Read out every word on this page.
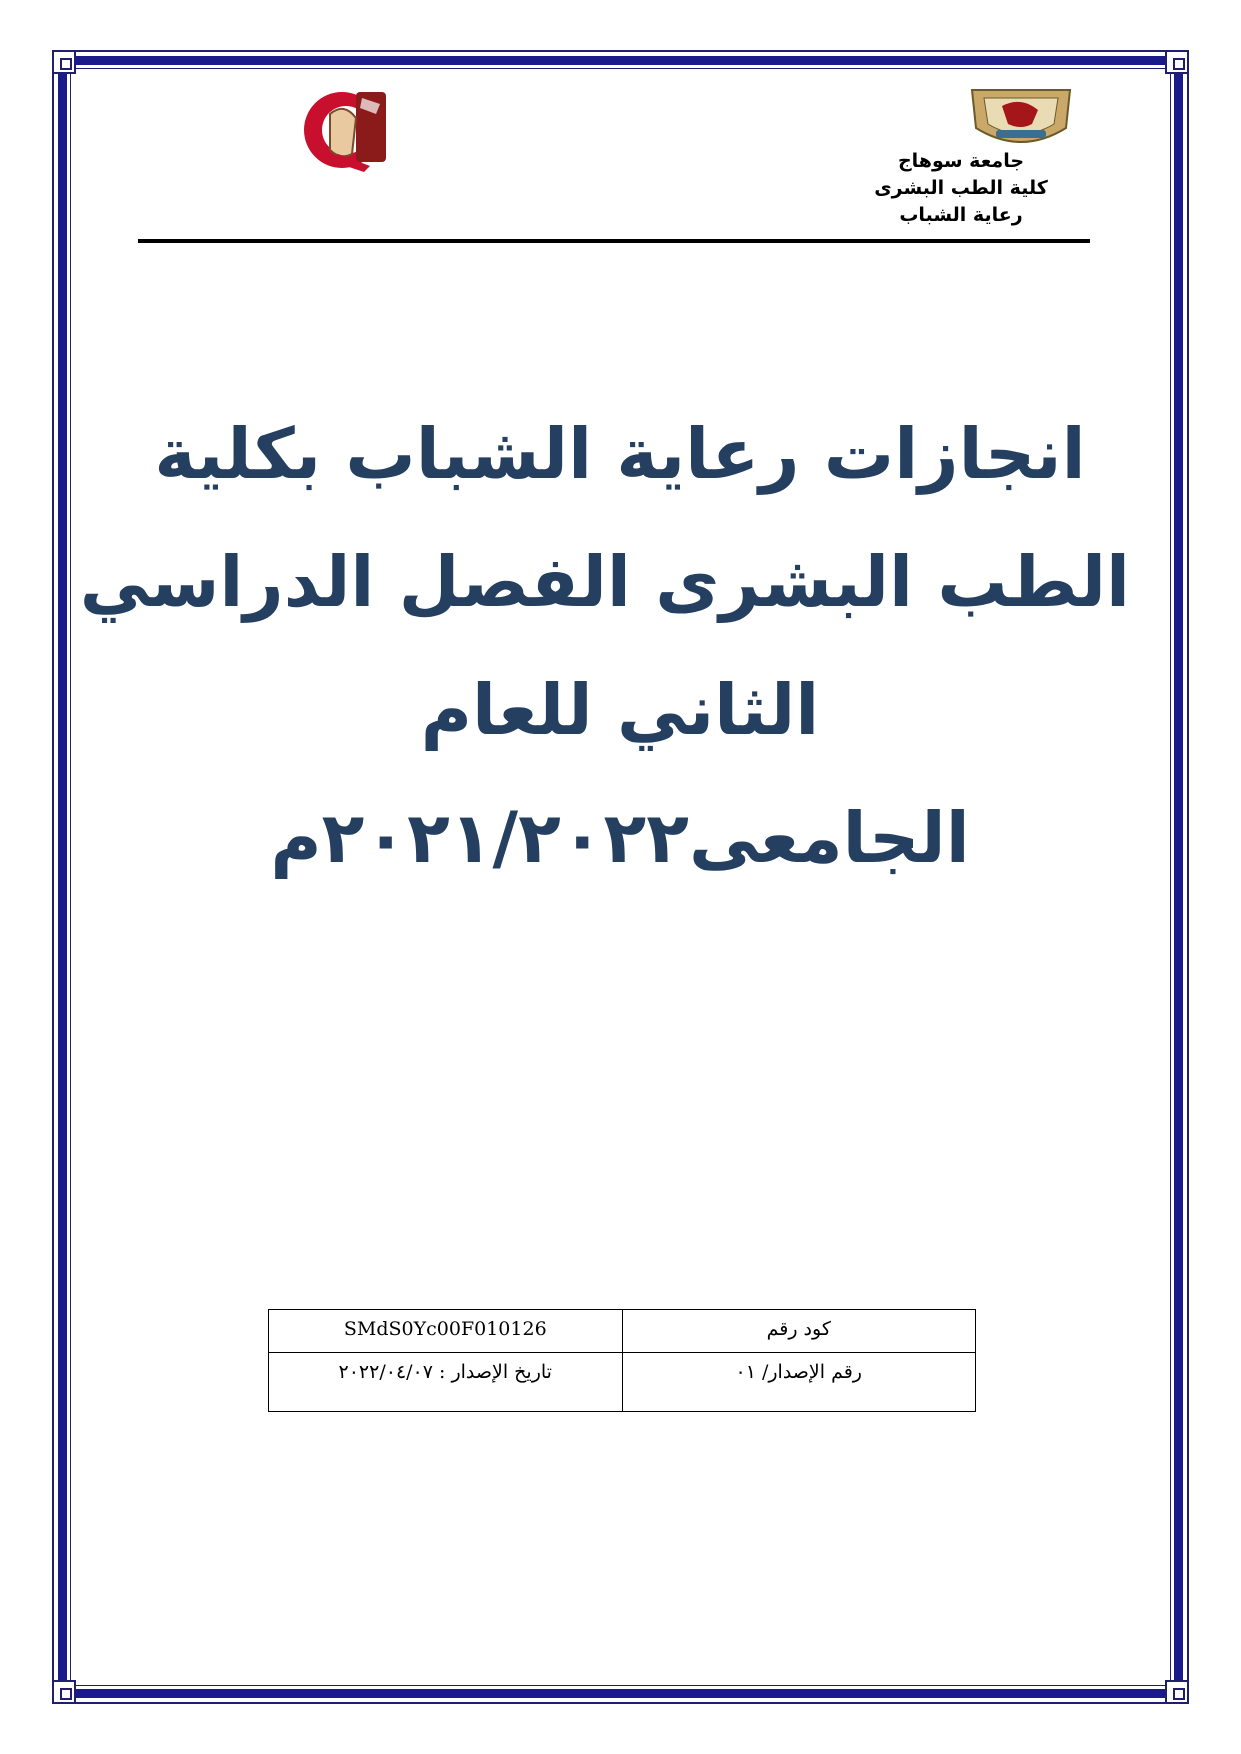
جامعة سوهاج
كلية الطب البشرى
رعاية الشباب
انجازات رعاية الشباب بكلية
الطب البشرى الفصل الدراسي
الثاني للعام
الجامعى٢٠٢١/٢٠٢٢م
كود رقم	SMdS0Yc00F010126
رقم الإصدار/ ٠١	تاريخ الإصدار : ٢٠٢٢/٠٤/٠٧
